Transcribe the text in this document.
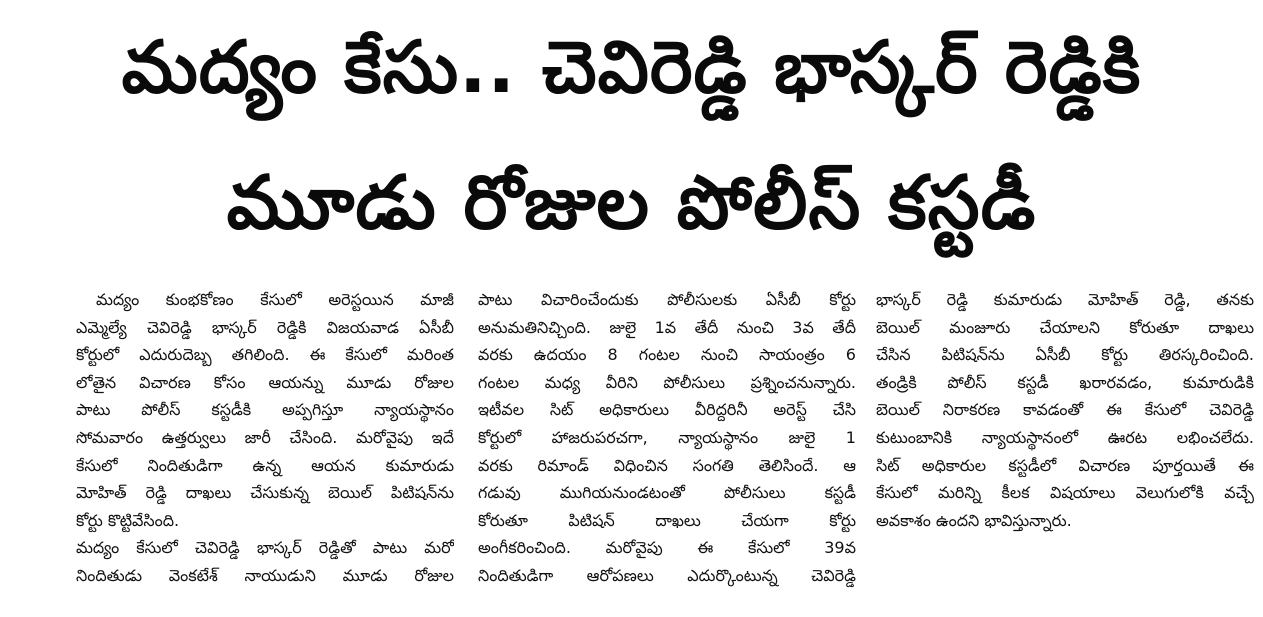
మద్యం కేసు.. చెవిరెడ్డి భాస్కర్ రెడ్డికి
మూడు రోజుల పోలీస్ కస్టడీ
మద్యం కుంభకోణం కేసులో అరెస్టయిన మాజీ
ఎమ్మెల్యే చెవిరెడ్డి భాస్కర్ రెడ్డికి విజయవాడ ఏసీబీ
కోర్టులో ఎదురుదెబ్బ తగిలింది. ఈ కేసులో మరింత
లోతైన విచారణ కోసం ఆయన్ను మూడు రోజుల
పాటు పోలీస్ కస్టడీకి అప్పగిస్తూ న్యాయస్థానం
సోమవారం ఉత్తర్వులు జారీ చేసింది. మరోవైపు ఇదే
కేసులో నిందితుడిగా ఉన్న ఆయన కుమారుడు
మోహిత్ రెడ్డి దాఖలు చేసుకున్న బెయిల్ పిటిషన్‌ను
కోర్టు కొట్టివేసింది.
మద్యం కేసులో చెవిరెడ్డి భాస్కర్ రెడ్డితో పాటు మరో
నిందితుడు వెంకటేశ్ నాయుడుని మూడు రోజుల
పాటు విచారించేందుకు పోలీసులకు ఏసీబీ కోర్టు
అనుమతినిచ్చింది. జులై 1వ తేదీ నుంచి 3వ తేదీ
వరకు ఉదయం 8 గంటల నుంచి సాయంత్రం 6
గంటల మధ్య వీరిని పోలీసులు ప్రశ్నించనున్నారు.
ఇటీవల సిట్ అధికారులు వీరిద్దరినీ అరెస్ట్ చేసి
కోర్టులో హాజరుపరచగా, న్యాయస్థానం జులై 1
వరకు రిమాండ్ విధించిన సంగతి తెలిసిందే. ఆ
గడువు ముగియనుండటంతో పోలీసులు కస్టడీ
కోరుతూ పిటిషన్ దాఖలు చేయగా కోర్టు
అంగీకరించింది. మరోవైపు ఈ కేసులో 39వ
నిందితుడిగా ఆరోపణలు ఎదుర్కొంటున్న చెవిరెడ్డి
భాస్కర్ రెడ్డి కుమారుడు మోహిత్ రెడ్డి, తనకు
బెయిల్ మంజూరు చేయాలని కోరుతూ దాఖలు
చేసిన పిటిషన్‌ను ఏసీబీ కోర్టు తిరస్కరించింది.
తండ్రికి పోలీస్ కస్టడీ ఖరారవడం, కుమారుడికి
బెయిల్ నిరాకరణ కావడంతో ఈ కేసులో చెవిరెడ్డి
కుటుంబానికి న్యాయస్థానంలో ఊరట లభించలేదు.
సిట్ అధికారుల కస్టడీలో విచారణ పూర్తయితే ఈ
కేసులో మరిన్ని కీలక విషయాలు వెలుగులోకి వచ్చే
అవకాశం ఉందని భావిస్తున్నారు.
